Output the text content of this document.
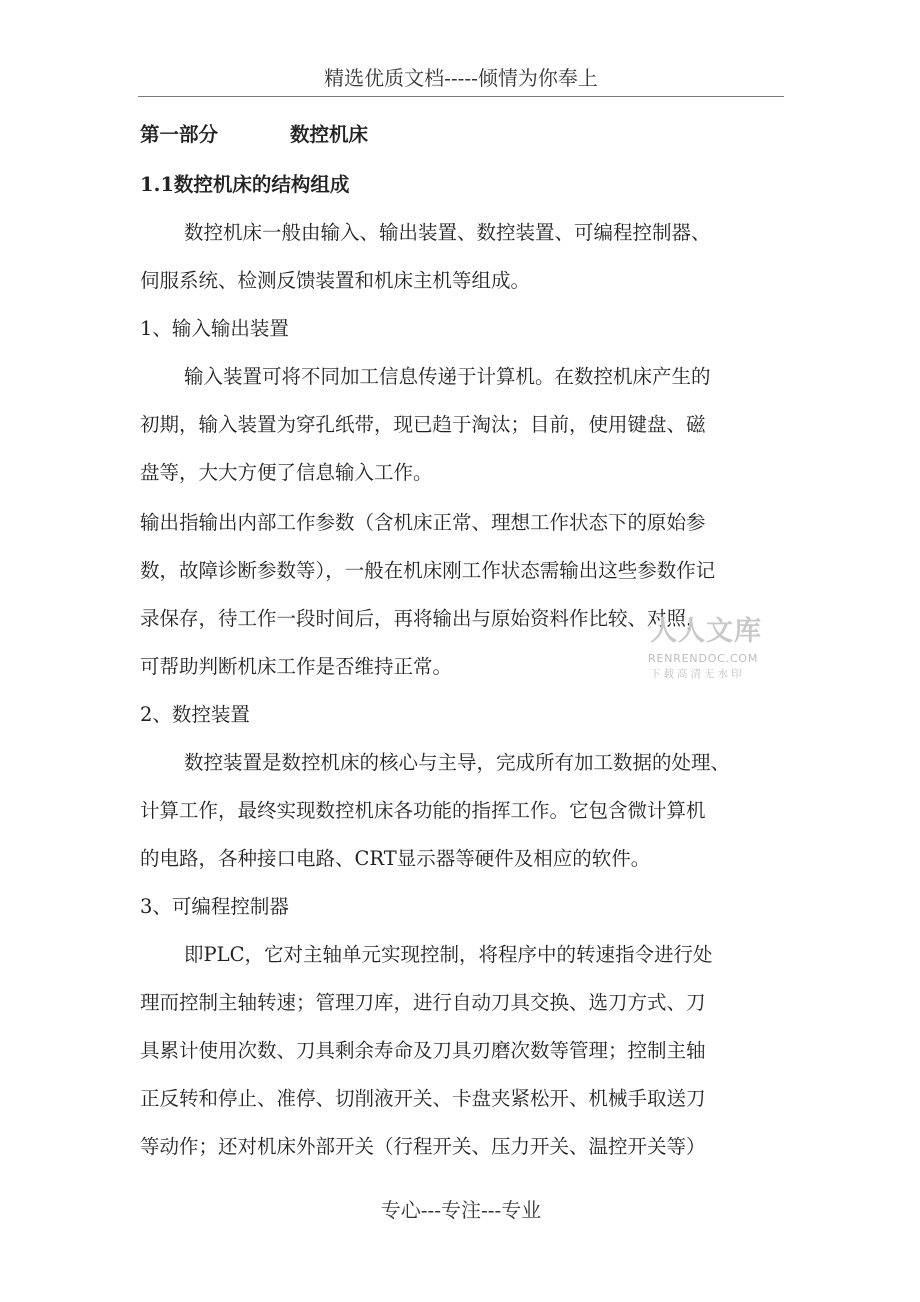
精选优质文档-----倾情为你奉上
第一部分	数控机床
1.1数控机床的结构组成
数控机床一般由输入、输出装置、数控装置、可编程控制器、
伺服系统、检测反馈装置和机床主机等组成。
1、输入输出装置
输入装置可将不同加工信息传递于计算机。在数控机床产生的
初期，输入装置为穿孔纸带，现已趋于淘汰；目前，使用键盘、磁
盘等，大大方便了信息输入工作。
输出指输出内部工作参数（含机床正常、理想工作状态下的原始参
数，故障诊断参数等），一般在机床刚工作状态需输出这些参数作记
录保存，待工作一段时间后，再将输出与原始资料作比较、对照，
可帮助判断机床工作是否维持正常。
2、数控装置
数控装置是数控机床的核心与主导，完成所有加工数据的处理、
计算工作，最终实现数控机床各功能的指挥工作。它包含微计算机
的电路，各种接口电路、CRT显示器等硬件及相应的软件。
3、可编程控制器
即PLC，它对主轴单元实现控制，将程序中的转速指令进行处
理而控制主轴转速；管理刀库，进行自动刀具交换、选刀方式、刀
具累计使用次数、刀具剩余寿命及刀具刃磨次数等管理；控制主轴
正反转和停止、准停、切削液开关、卡盘夹紧松开、机械手取送刀
等动作；还对机床外部开关（行程开关、压力开关、温控开关等）
人人文库
RENRENDOC.COM
下载高清无水印
专心---专注---专业
